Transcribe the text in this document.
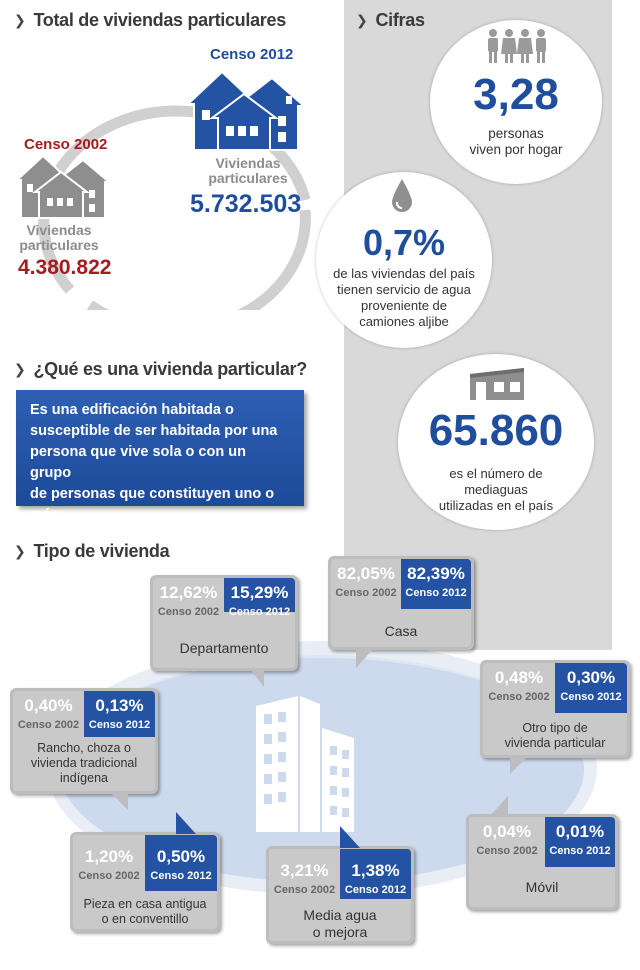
❯ Total de viviendas particulares
Censo 2012
Viviendas
particulares
5.732.503
Censo 2002
Viviendas
particulares
4.380.822
❯ Cifras
3,28
personas
viven por hogar
0,7%
de las viviendas del país
tienen servicio de agua
proveniente de
camiones aljibe
65.860
es el número de
mediaguas
utilizadas en el país
❯ ¿Qué es una vivienda particular?
Es una edificación habitada o
susceptible de ser habitada por una
persona que vive sola o con un grupo
de personas que constituyen uno o más
hogares.
❯ Tipo de vivienda
12,62%
Censo 2002
15,29%
Censo 2012
Departamento
82,05%
Censo 2002
82,39%
Censo 2012
Casa
0,48%
Censo 2002
0,30%
Censo 2012
Otro tipo de
vivienda particular
0,40%
Censo 2002
0,13%
Censo 2012
Rancho, choza o
vivienda tradicional
indígena
0,04%
Censo 2002
0,01%
Censo 2012
Móvil
1,20%
Censo 2002
0,50%
Censo 2012
Pieza en casa antigua
o en conventillo
3,21%
Censo 2002
1,38%
Censo 2012
Media agua
o mejora
